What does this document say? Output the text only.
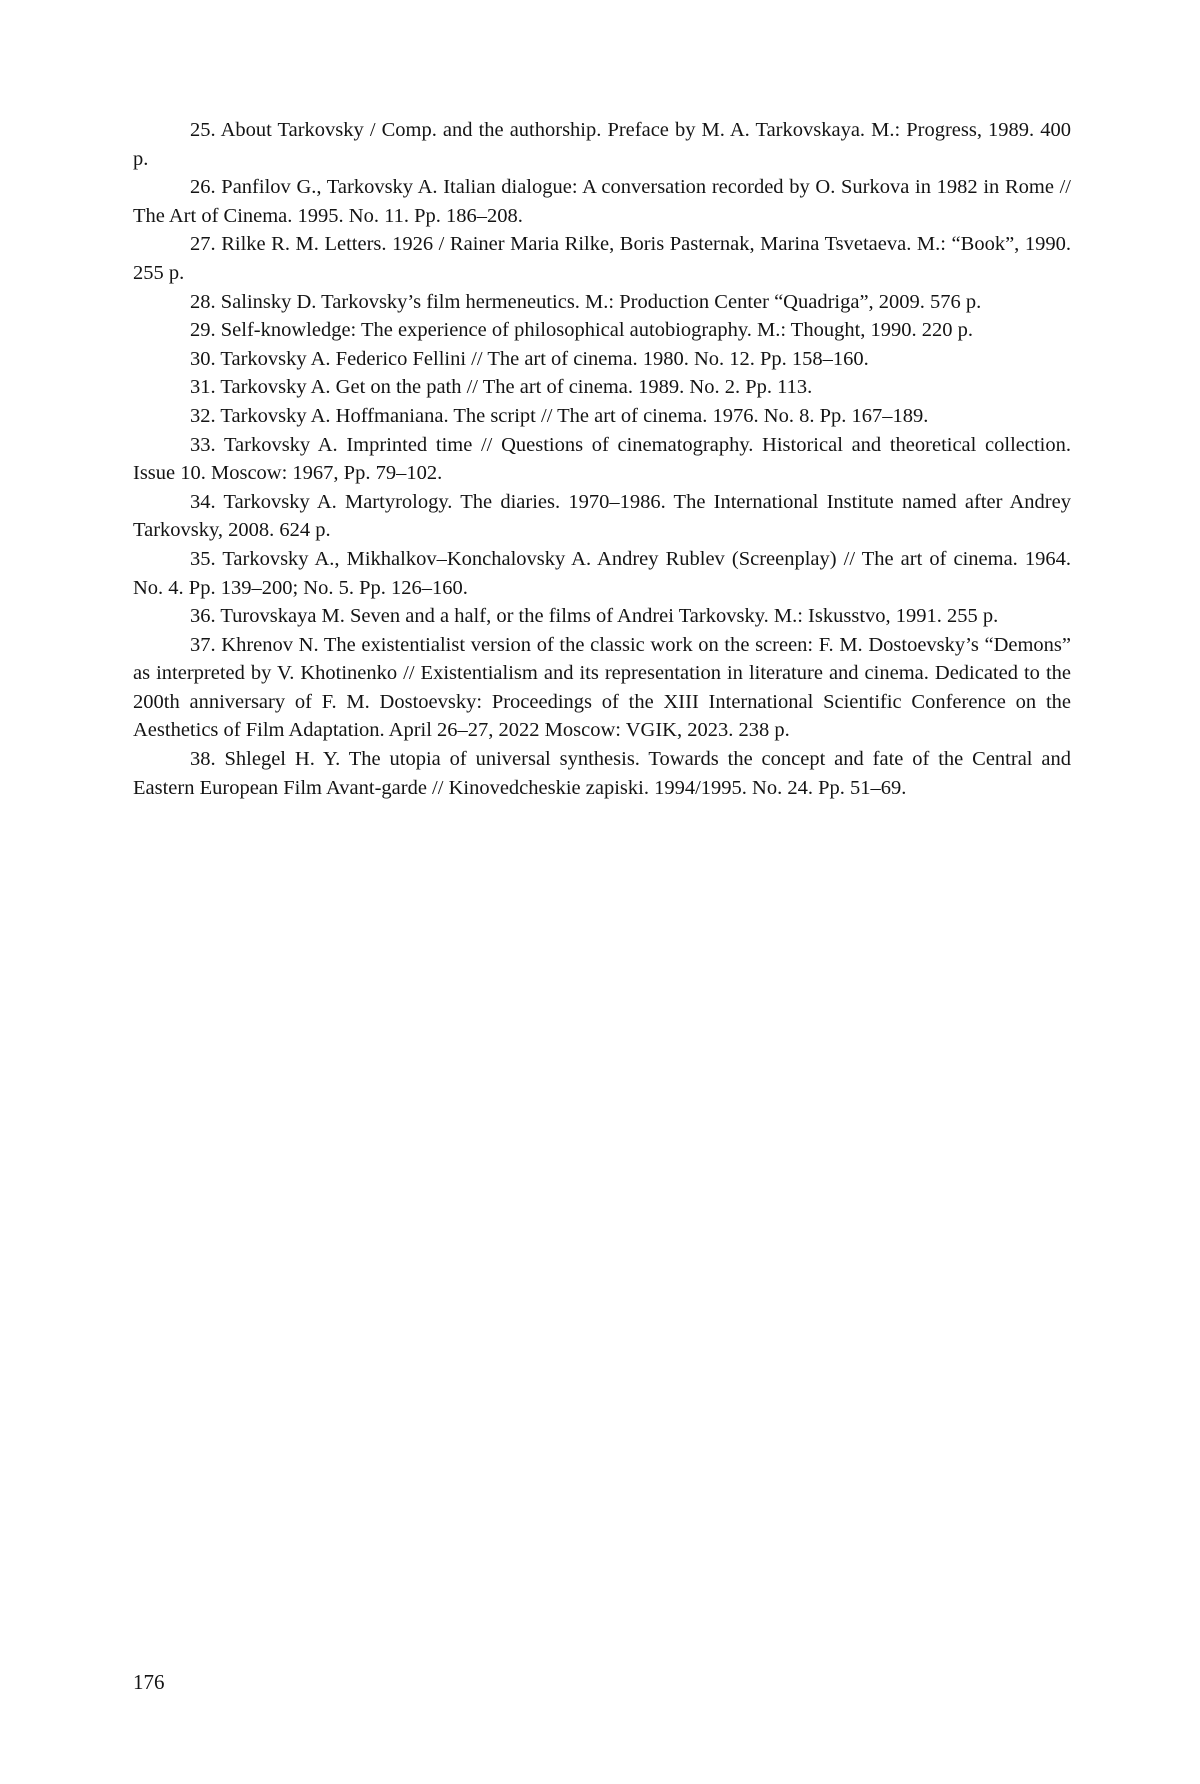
25. About Tarkovsky / Comp. and the authorship. Preface by M. A. Tarkovskaya. M.: Progress, 1989. 400 p.

26. Panfilov G., Tarkovsky A. Italian dialogue: A conversation recorded by O. Surkova in 1982 in Rome // The Art of Cinema. 1995. No. 11. Pp. 186–208.

27. Rilke R. M. Letters. 1926 / Rainer Maria Rilke, Boris Pasternak, Marina Tsvetaeva. M.: “Book”, 1990. 255 p.

28. Salinsky D. Tarkovsky’s film hermeneutics. M.: Production Center “Quadriga”, 2009. 576 p.

29. Self-knowledge: The experience of philosophical autobiography. M.: Thought, 1990. 220 p.

30. Tarkovsky A. Federico Fellini // The art of cinema. 1980. No. 12. Pp. 158–160.

31. Tarkovsky A. Get on the path // The art of cinema. 1989. No. 2. Pp. 113.

32. Tarkovsky A. Hoffmaniana. The script // The art of cinema. 1976. No. 8. Pp. 167–189.

33. Tarkovsky A. Imprinted time // Questions of cinematography. Historical and theoretical collection. Issue 10. Moscow: 1967, Pp. 79–102.

34. Tarkovsky A. Martyrology. The diaries. 1970–1986. The International Institute named after Andrey Tarkovsky, 2008. 624 p.

35. Tarkovsky A., Mikhalkov–Konchalovsky A. Andrey Rublev (Screenplay) // The art of cinema. 1964. No. 4. Pp. 139–200; No. 5. Pp. 126–160.

36. Turovskaya M. Seven and a half, or the films of Andrei Tarkovsky. M.: Iskusstvo, 1991. 255 p.

37. Khrenov N. The existentialist version of the classic work on the screen: F. M. Dostoevsky’s “Demons” as interpreted by V. Khotinenko // Existentialism and its representation in literature and cinema. Dedicated to the 200th anniversary of F. M. Dostoevsky: Proceedings of the XIII International Scientific Conference on the Aesthetics of Film Adaptation. April 26–27, 2022 Moscow: VGIK, 2023. 238 p.

38. Shlegel H. Y. The utopia of universal synthesis. Towards the concept and fate of the Central and Eastern European Film Avant-garde // Kinovedcheskie zapiski. 1994/1995. No. 24. Pp. 51–69.

176
